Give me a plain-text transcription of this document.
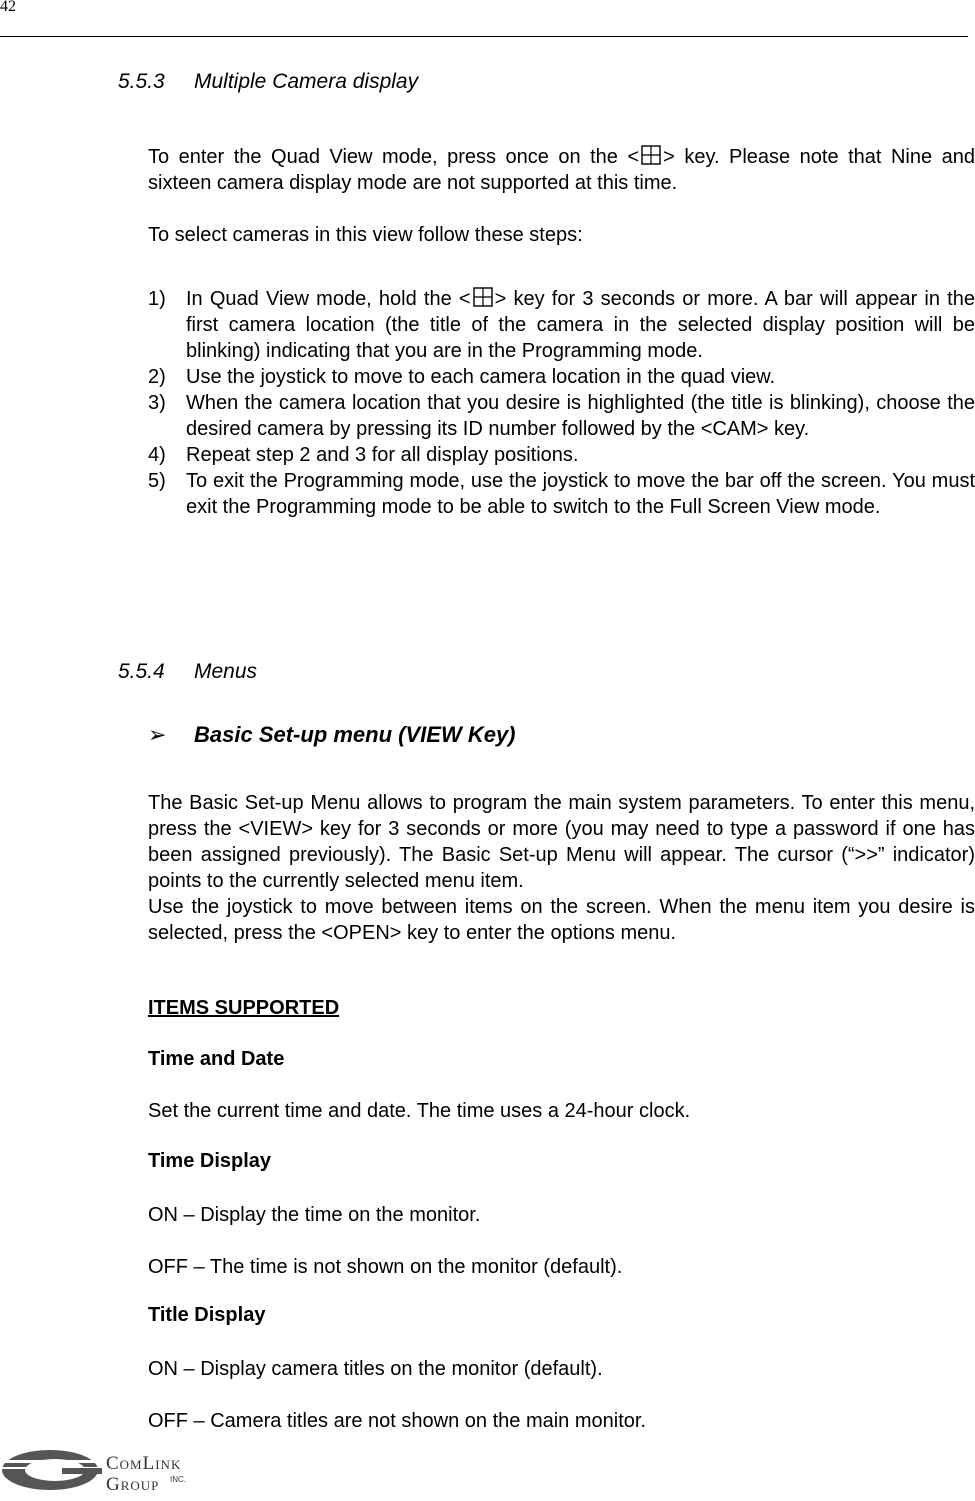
42
5.5.3 Multiple Camera display

To enter the Quad View mode, press once on the < > key. Please note that Nine and sixteen camera display mode are not supported at this time.

To select cameras in this view follow these steps:

1) In Quad View mode, hold the < > key for 3 seconds or more. A bar will appear in the first camera location (the title of the camera in the selected display position will be blinking) indicating that you are in the Programming mode.
2) Use the joystick to move to each camera location in the quad view.
3) When the camera location that you desire is highlighted (the title is blinking), choose the desired camera by pressing its ID number followed by the <CAM> key.
4) Repeat step 2 and 3 for all display positions.
5) To exit the Programming mode, use the joystick to move the bar off the screen. You must exit the Programming mode to be able to switch to the Full Screen View mode.
5.5.4 Menus
➢ Basic Set-up menu (VIEW Key)

The Basic Set-up Menu allows to program the main system parameters. To enter this menu, press the <VIEW> key for 3 seconds or more (you may need to type a password if one has been assigned previously). The Basic Set-up Menu will appear. The cursor (“>>” indicator) points to the currently selected menu item.

Use the joystick to move between items on the screen. When the menu item you desire is selected, press the <OPEN> key to enter the options menu.

ITEMS SUPPORTED

Time and Date

Set the current time and date. The time uses a 24-hour clock.

Time Display

ON – Display the time on the monitor.

OFF – The time is not shown on the monitor (default).

Title Display

ON – Display camera titles on the monitor (default).

OFF – Camera titles are not shown on the main monitor.

ComLink
Group INC.
